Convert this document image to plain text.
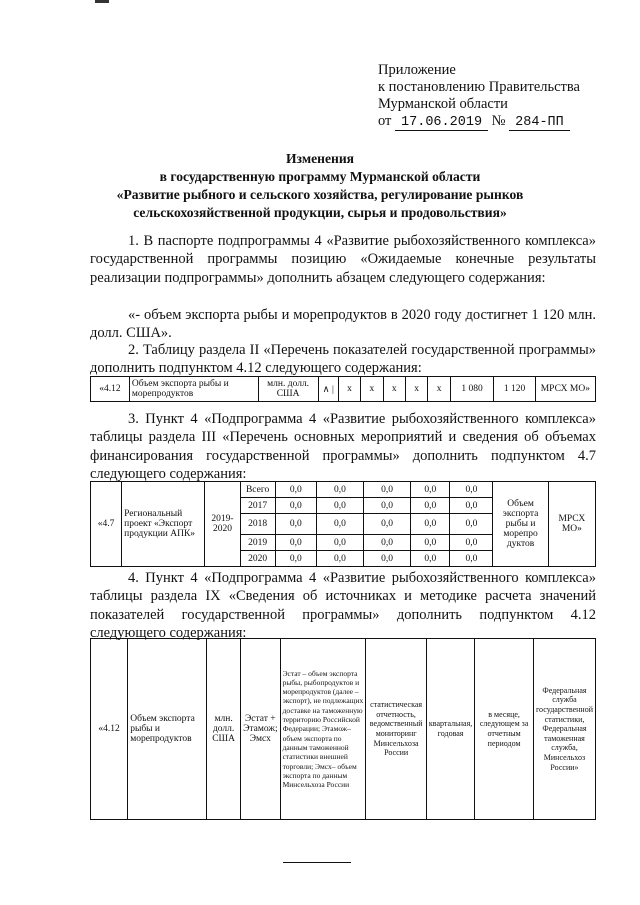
Приложение
к постановлению Правительства
Мурманской области
от 17.06.2019 № 284-ПП
Изменения
в государственную программу Мурманской области
«Развитие рыбного и сельского хозяйства, регулирование рынков
сельскохозяйственной продукции, сырья и продовольствия»
1. В паспорте подпрограммы 4 «Развитие рыбохозяйственного комплекса» государственной программы позицию «Ожидаемые конечные результаты реализации подпрограммы» дополнить абзацем следующего содержания:
«- объем экспорта рыбы и морепродуктов в 2020 году достигнет 1 120 млн. долл. США».
2. Таблицу раздела II «Перечень показателей государственной программы» дополнить подпунктом 4.12 следующего содержания:
«4.12	Объем экспорта рыбы и морепродуктов	млн. долл. США	∧ |	x	x	x	x	x	1 080	1 120	МРСХ МО»
3. Пункт 4 «Подпрограмма 4 «Развитие рыбохозяйственного комплекса» таблицы раздела III «Перечень основных мероприятий и сведения об объемах финансирования государственной программы» дополнить подпунктом 4.7 следующего содержания:
«4.7	Региональный проект «Экспорт продукции АПК»	2019-2020	Всего	0,0	0,0	0,0	0,0	0,0	Объем экспорта рыбы и морепро дуктов	МРСХ МО»
			2017	0,0	0,0	0,0	0,0	0,0		
			2018	0,0	0,0	0,0	0,0	0,0		
			2019	0,0	0,0	0,0	0,0	0,0		
			2020	0,0	0,0	0,0	0,0	0,0		
4. Пункт 4 «Подпрограмма 4 «Развитие рыбохозяйственного комплекса» таблицы раздела IX «Сведения об источниках и методике расчета значений показателей государственной программы» дополнить подпунктом 4.12 следующего содержания:
«4.12	Объем экспорта рыбы и морепродуктов	млн. долл. США	Эстат + Этамож; Эмсх	Эстат – объем экспорта рыбы, рыбопродуктов и морепродуктов (далее – экспорт), не подлежащих доставке на таможенную территорию Российской Федерации; Этамож– объем экспорта по данным таможенной статистики внешней торговли; Эмсх– объем экспорта по данным Минсельхоза России	статистическая отчетность, ведомственный мониторинг Минсельхоза России	квартальная, годовая	в месяце, следующем за отчетным периодом	Федеральная служба государственной статистики, Федеральная таможенная служба, Минсельхоз России»
